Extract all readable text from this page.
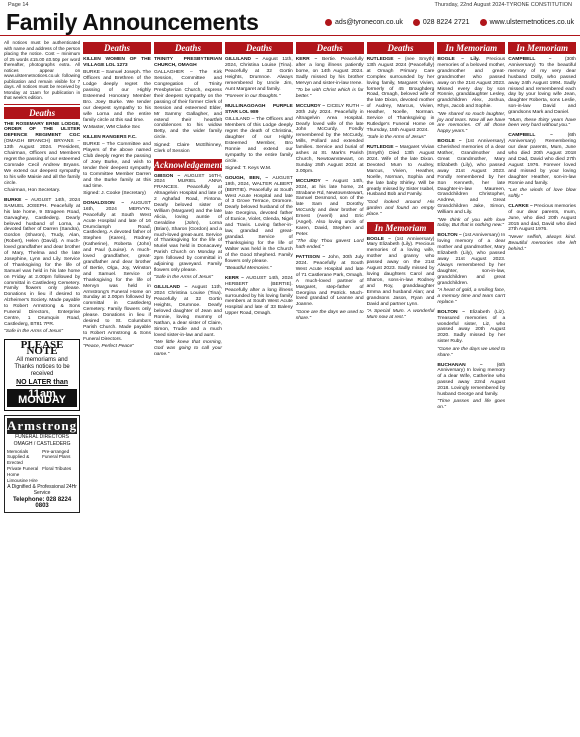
Page 14	Thursday, 22nd August 2024-TYRONE CONSTITUTION
Family Announcements	ads@tyronecon.co.uk	028 8224 2721	www.ulsternetnotices.co.uk
All notices must be authenticated with name and address of the person placing the notice. Cost – minimum of 25 words £15.00 £0.50p per word thereafter, photographs extra. All notices appear on www.ulsternetnotices.co.uk following publication and remain visible for 7 days. All notices must be received by Monday at 11am for publication in that week's edition.
Deaths

THE ROSEMARY ERNE LODGE, ORDER OF THE ULSTER DEFENCE REGIMENT CGC (OMAGH BRANCH) BRYANS – 13th August 2024. President, Chairman, Officers and Members regret the passing of our esteemed Comrade Cecil Andrew Bryans. We extend our deepest sympathy to his wife Maisie and all the family circle.

Chairman, Hon Secretary.

BURKE – AUGUST 14th, 2024 SAMUEL JOSEPH. Peacefully at his late home, 9 Strageen Road, Garvaghey, Castlederg. Dearly beloved husband of Lorna, a devoted father of Darren (Sandra), Gordon (Sharon), Trudy, Alan, (Robert), Helen (David). A much-loved grandfather and dear brother of Mary, Thelma and the late Josephine, Lynn and Lily. Service of Thanksgiving for the life of Samuel was held in his late home on Friday at 2.00pm followed by committal in Castlederg Cemetery. Family flowers only please. Donations in lieu if desired to Alzheimer's Society. Made payable to Robert Armstrong & Sons Funeral Directors, Enterprise Centre, 1 Drumquin Road, Castlederg, BT81 7PR.

"Safe in the Arms of Jesus"

PLEASE NOTE
All memoriams and Thanks notices to be received
NO LATER than
11am MONDAY
Armstrong
FUNERAL DIRECTORS
OMAGH / CASTLEDERG
Memorials Supplied & Erected
Pre-arranged Funeral Plans
Private Funeral Home
Floral Tributes
Limousine Hire
A Dignified & Professional 24Hr Service
Telephone: 028 8224 0803
Deaths

KILLEN WOMEN OF THE VILLAGE LOL 1273

BURKE – Samuel Joseph. The Officers and Brethren of the Lodge deeply regret the passing of our Highly Esteemed Honorary Member Bro. Joey Burke. We tender our deepest sympathy to his wife Lorna and the entire family circle at this sad time.

W.Master, WM Clarke Sec

KILLEN RANGERS F.C.

BURKE – The Committee and Players of the above named Club deeply regret the passing of Joey Burke, and wish to tender their deepest sympathy to Committee Member Darren and the Burke family at this sad time.

Signed: J. Cooke (Secretary)

DONALDSON – AUGUST 16th, 2024 MERVYN. Peacefully at South West Acute Hospital and late of 16 Drumclamph Road, Castlederg. A devoted father of Stephen (Karen), Rodney (Katherine), Roberta (John) and Paul (Louise). A much-loved grandfather, great-grandfather and dear brother of Bertie, Olga, Joy, Winston and Samuel. Service of Thanksgiving for the life of Mervyn was held in Armstrong's Funeral Home on Sunday at 2.00pm followed by committal in Castlederg Cemetery. Family flowers only please. Donations in lieu if desired to St. Columba's Parish Church. Made payable to Robert Armstrong & Sons Funeral Directors.

"Peace, Perfect Peace"

Deaths

TRINITY PRESBYTERIAN CHURCH, OMAGH

GALLAGHER – The Kirk Session, Committee and Congregation of Trinity Presbyterian Church, express their deepest sympathy on the passing of their former Clerk of Session and esteemed Elder, Mr Sammy Gallagher, and extend their heartfelt condolences to his widow Betty, and the wider family circle.

Signed: Claire McElhinney, Clerk of Session

Acknowledgement

GIBSON – AUGUST 16TH, 2024 MURIEL ANNA FRANCES. Peacefully at Altnagelvin Hospital and late of 2 Aghafad Road, Fintona. Dearly beloved sister of William (Margaret) and the late Alicia, loving auntie of Geraldine (John), Lorna (Brian), Sharon (Gordon) and a much-loved great-aunt. Service of Thanksgiving for the life of Muriel was held in Donacavey Parish Church on Monday at 2pm followed by committal in adjoining graveyard. Family flowers only please.

"Safe in the Arms of Jesus"

GILLILAND – August 11th, 2024 Christina Louise (Tina). Peacefully at 32 Gortin Heights, Drumnoe. Dearly beloved daughter of Jean and Ronnie, loving mummy of Nathan, a dear sister of Claire, Simon, Trudie and a much loved sister-in-law and aunt.

"We little knew that morning, God was going to call your name."

Deaths

GILLILAND – August 11th, 2024, Christina Louise (Tina). Peacefully at 32 Gortin Heights, Drumnoe. Always remembered by Uncle Jim, Aunt Margaret and family.

"Forever in our thoughts."

MULLINAGOAGH PURPLE STAR LOL 989

GILLILAND – The Officers and Members of this Lodge deeply regret the death of Christina, daughter of our Highly Esteemed Member, Bro Ronnie and extend our sympathy to the entire family circle.

Signed: T. Keys W.M.

GOUGH, BEN, – AUGUST 19th, 2024, WALTER ALBERT (BERTIE). Peacefully at South West Acute Hospital and late of 3 Grove Terrace, Dromore. Dearly beloved husband of the late Georgina, devoted father of Eunice, Violet, Glenda, Nigel and Travis. Loving father-in-law, grandad and great-grandad. Service of Thanksgiving for the life of Walter was held in the Church of the Good Shepherd. Family flowers only please.

"Beautiful Memories."

KERR – AUGUST 14th, 2024 HERBERT (BERTIE). Peacefully after a long illness surrounded by his loving family members at South West Acute Hospital and late of 33 Baleny Upper Road, Omagh.

Deaths

KERR – Bertie. Peacefully after a long illness patiently borne, on 14th August 2024. Sadly missed by his brother Mervyn and sister-in-law Irene.

"To be with Christ which is far better."

MCCURDY – CICELY RUTH – 20th July 2024. Peacefully in Altnagelvin Area Hospital. Dearly loved wife of the late John McCurdy. Fondly remembered by the McCurdy, Mills, Pollard and extended families. Service and burial of ashes at St. Mark's Parish Church, Newtownstewart, on Sunday 25th August 2024 at 3.00pm.

MCCURDY – August 14th, 2024, at his late home, 24 Strabane Rd, Newtownstewart, Samuel Desmond, son of the late Sam and Dorothy McCurdy and dear brother of Ernest (Averil) and Eric (Angel). Also loving uncle of Karen, David, Stephen and Peter.

"The day Thou gavest Lord hath ended."

PATTISON – John, 30th July 2024. Peacefully at South West Acute Hospital and late of 71 Castlerane Park, Omagh. A much-loved partner of Margaret, step-father of Georgina and Patrick. Much-loved grandad of Leanne and Joanne.

"Gone are the days we used to share."

Deaths

RUTLEDGE – (nee Smyth) 13th August 2024 (Peacefully) at Omagh Primary Care Complex surrounded by her loving family, Margaret Vivien, formerly of 45 Broughderg Road, Omagh, beloved wife of the late Dixon, devoted mother of Audrey, Marcus, Vivien, Heather, Noelle, Norman. Service of Thanksgiving in Rutledge's Funeral Home on Thursday, 15th August 2024.

"Safe in the Arms of Jesus"

RUTLEDGE – Margaret Vivian (Smyth) Died 13th August 2024. Wife of the late Dixon. Devoted Mum to Audrey, Marcus, Vivien, Heather, Noelle, Norman, Sophia and the late baby Shirley. Will be greatly missed by Sister Isabel, Husband Bob and Family.

"God looked around His garden and found an empty place."

In Memoriam

BOGLE – (1st Anniversary) Mary Elizabeth (Lily). Precious memories of a loving wife, mother and granny who passed away on the 21st August 2023. Sadly missed by loving daughters Carol and Sharon, sons-in-law Rodney and Roy, granddaughter Emma and husband Alan; and grandsons Jason, Ryan and David and partner Lynn.

"A Special Mum. A wonderful Mum now at rest."

In Memoriam

BOGLE – Lily. Precious memories of a beloved mother, grandmother and great-grandmother who passed away on the 21st August 2023. Missed every day by son Ronnie, granddaughter Lesley, grandchildren Alex, Joshua, Rhys, Jacob and Sophie.

"We shared so much laughter, joy and tears. Now all we have are memories. Of all those happy years."

BOGLE – (1st Anniversary) Cherished memories of a dear Mother, Grandmother and Great Grandmother, Mary Elizabeth (Lily), who passed away 21st August 2023. Fondly remembered by her Son Kenneth, her late Daughter-in-law Maureen, Grandchildren Christopher, Andrew, and Great Grandchildren Jake, Simon, William and Lily.

"We think of you with love today, But that is nothing new."

BOLTON – (1st Anniversary) In loving memory of a dear mother and grandmother, Mary Elizabeth (Lily), who passed away 21st August 2023. Always remembered by her daughter, son-in-law, grandchildren and great grandchildren.

"A heart of gold, a smiling face, a memory time and tears can't replace."

BOLTON – Elizabeth (Liz). Treasured memories of a wonderful sister, Liz, who passed away 20th August 2020. Sadly missed by her sister Ruby.

"Gone are the days we used to share."

BUCHANAN –	(6th Anniversary) In loving memory of a dear Wife, Catherine who passed away 22nd August 2018. Lovingly remembered by husband George and family.

"Time passes and life goes on."

In Memoriam

CAMPBELL –	(30th Anniversary) To the beautiful memory of my very dear husband Dolly, who passed away 24th August 1994. Sadly missed and remembered each day by your loving wife Jean, daughter Roberta, sons Leslie, son-in-law David and grandsons Mark and Daniel.

"Mum, these thirty years have been very hard without you."

CAMPBELL –	(6th Anniversary) Remembering our dear parents, Mum, June who died 20th August 2018 and Dad, David who died 27th August 1976. Forever loved and missed by your loving daughter Heather, son-in-law Ronnie and family.

"Let the winds of love blow softly."

CLARKE – Precious memories of our dear parents, mum, June, who died 20th August 2015 and dad, David who died 27th August 1976.

"Never selfish, always kind. Beautiful memories she left behind."
